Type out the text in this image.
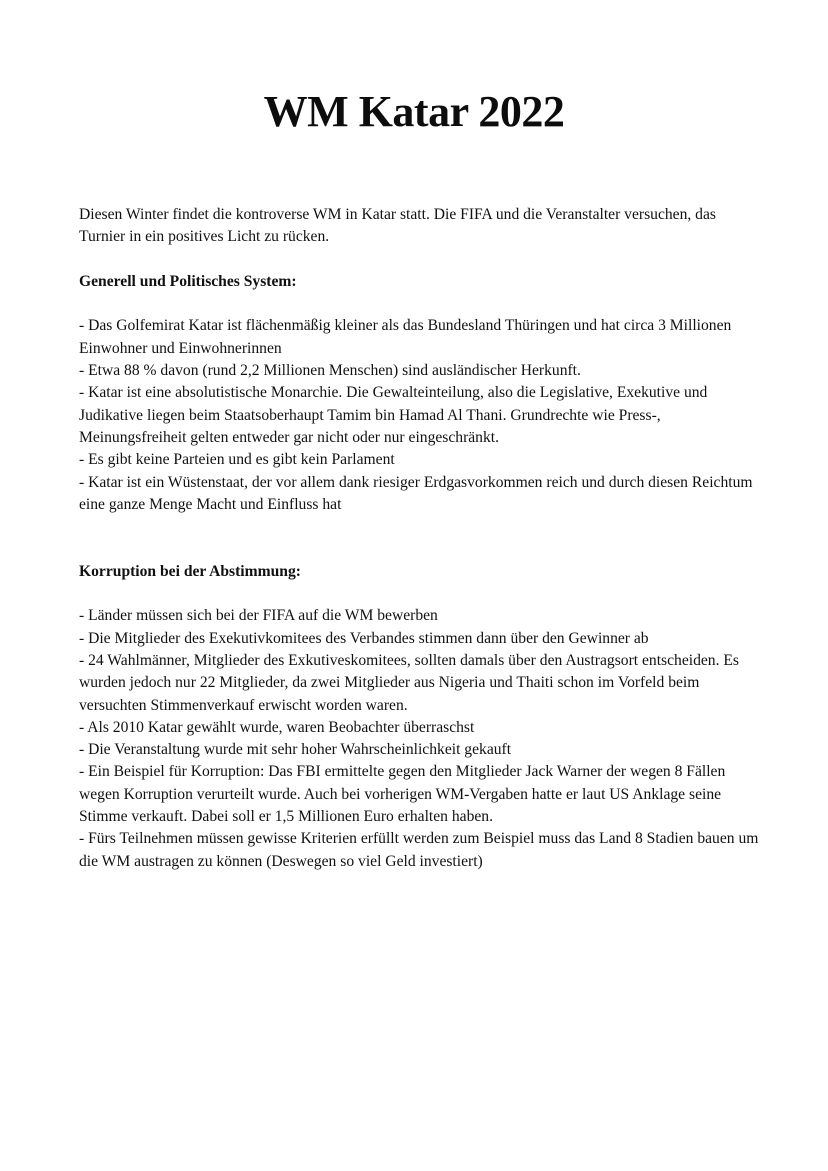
WM Katar 2022

Diesen Winter findet die kontroverse WM in Katar statt. Die FIFA und die Veranstalter versuchen, das Turnier in ein positives Licht zu rücken.

Generell und Politisches System:

- Das Golfemirat Katar ist flächenmäßig kleiner als das Bundesland Thüringen und hat circa 3 Millionen Einwohner und Einwohnerinnen
- Etwa 88 % davon (rund 2,2 Millionen Menschen) sind ausländischer Herkunft.
- Katar ist eine absolutistische Monarchie. Die Gewalteinteilung, also die Legislative, Exekutive und Judikative liegen beim Staatsoberhaupt Tamim bin Hamad Al Thani. Grundrechte wie Press-, Meinungsfreiheit gelten entweder gar nicht oder nur eingeschränkt.
- Es gibt keine Parteien und es gibt kein Parlament
- Katar ist ein Wüstenstaat, der vor allem dank riesiger Erdgasvorkommen reich und durch diesen Reichtum eine ganze Menge Macht und Einfluss hat

Korruption bei der Abstimmung:

- Länder müssen sich bei der FIFA auf die WM bewerben
- Die Mitglieder des Exekutivkomitees des Verbandes stimmen dann über den Gewinner ab
- 24 Wahlmänner, Mitglieder des Exkutiveskomitees, sollten damals über den Austragsort entscheiden. Es wurden jedoch nur 22 Mitglieder, da zwei Mitglieder aus Nigeria und Thaiti schon im Vorfeld beim versuchten Stimmenverkauf erwischt worden waren.
- Als 2010 Katar gewählt wurde, waren Beobachter überraschst
- Die Veranstaltung wurde mit sehr hoher Wahrscheinlichkeit gekauft
- Ein Beispiel für Korruption: Das FBI ermittelte gegen den Mitglieder Jack Warner der wegen 8 Fällen wegen Korruption verurteilt wurde. Auch bei vorherigen WM-Vergaben hatte er laut US Anklage seine Stimme verkauft. Dabei soll er 1,5 Millionen Euro erhalten haben.
- Fürs Teilnehmen müssen gewisse Kriterien erfüllt werden zum Beispiel muss das Land 8 Stadien bauen um die WM austragen zu können (Deswegen so viel Geld investiert)
